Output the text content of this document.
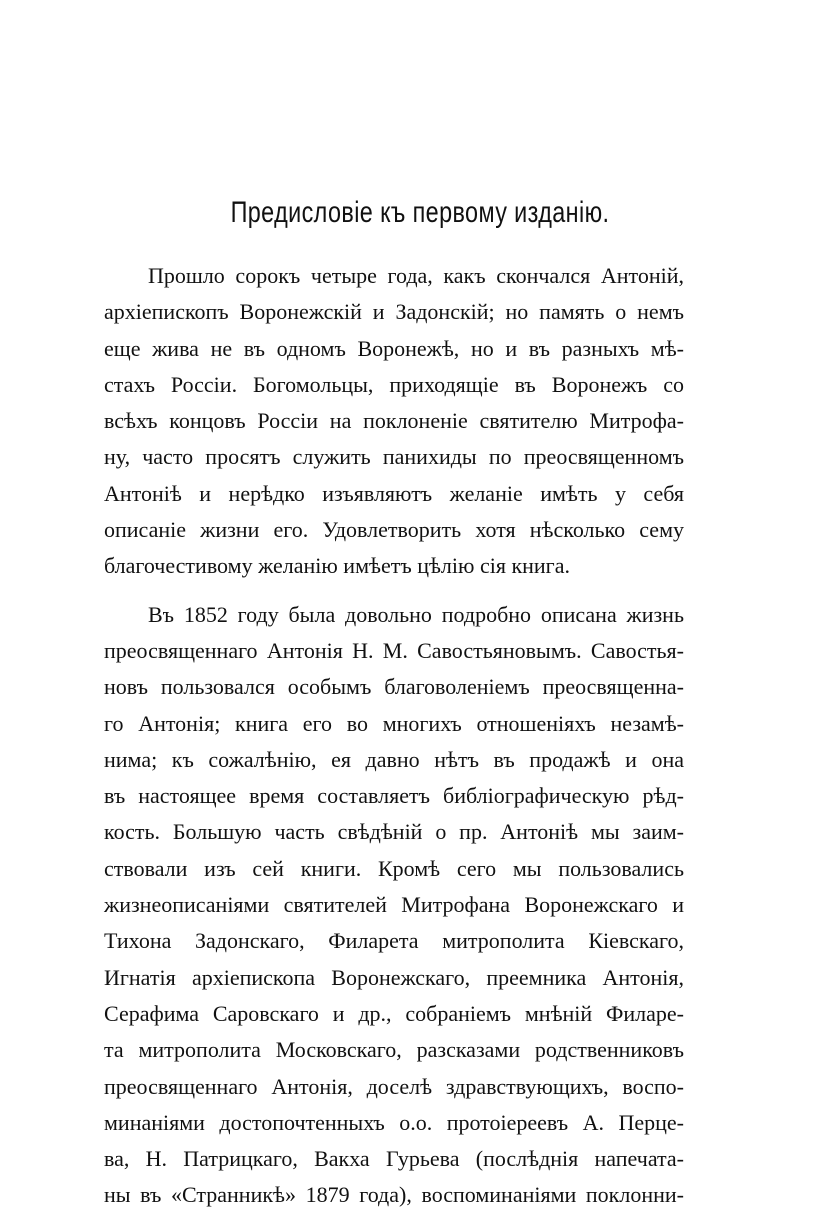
Предисловіе къ первому изданію.
Прошло сорокъ четыре года, какъ скончался Антоній,
архіепископъ Воронежскій и Задонскій; но память о немъ
еще жива не въ одномъ Воронежѣ, но и въ разныхъ мѣ-
стахъ Россіи. Богомольцы, приходящіе въ Воронежъ со
всѣхъ концовъ Россіи на поклоненіе святителю Митрофа-
ну, часто просятъ служить панихиды по преосвященномъ
Антоніѣ и нерѣдко изъявляютъ желаніе имѣть у себя
описаніе жизни его. Удовлетворить хотя нѣсколько сему
благочестивому желанію имѣетъ цѣлію сія книга.
Въ 1852 году была довольно подробно описана жизнь
преосвященнаго Антонія Н. М. Савостьяновымъ. Савостья-
новъ пользовался особымъ благоволеніемъ преосвященна-
го Антонія; книга его во многихъ отношеніяхъ незамѣ-
нима; къ сожалѣнію, ея давно нѣтъ въ продажѣ и она
въ настоящее время составляетъ библіографическую рѣд-
кость. Большую часть свѣдѣній о пр. Антоніѣ мы заим-
ствовали изъ сей книги. Кромѣ сего мы пользовались
жизнеописаніями святителей Митрофана Воронежскаго и
Тихона Задонскаго, Филарета митрополита Кіевскаго,
Игнатія архіепископа Воронежскаго, преемника Антонія,
Серафима Саровскаго и др., собраніемъ мнѣній Филаре-
та митрополита Московскаго, разсказами родственниковъ
преосвященнаго Антонія, доселѣ здравствующихъ, воспо-
минаніями достопочтенныхъ о.о. протоіереевъ А. Перце-
ва, Н. Патрицкаго, Вакха Гурьева (послѣднія напечата-
ны въ «Странникѣ» 1879 года), воспоминаніями поклонни-
